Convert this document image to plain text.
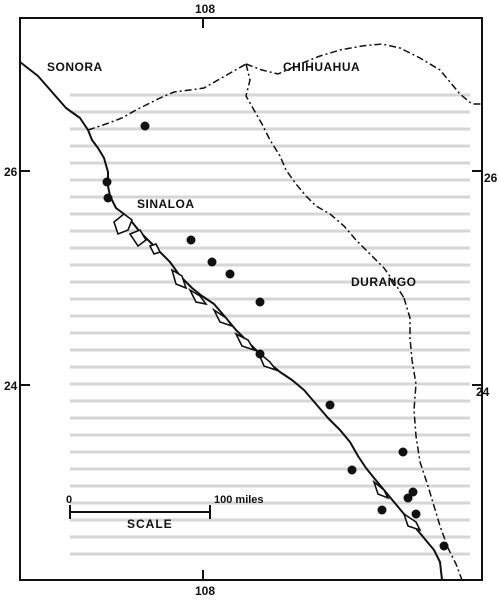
SONORA	CHIHUAHUA
SINALOA
DURANGO
108
108
26	26
24	24
0	100 miles
SCALE
